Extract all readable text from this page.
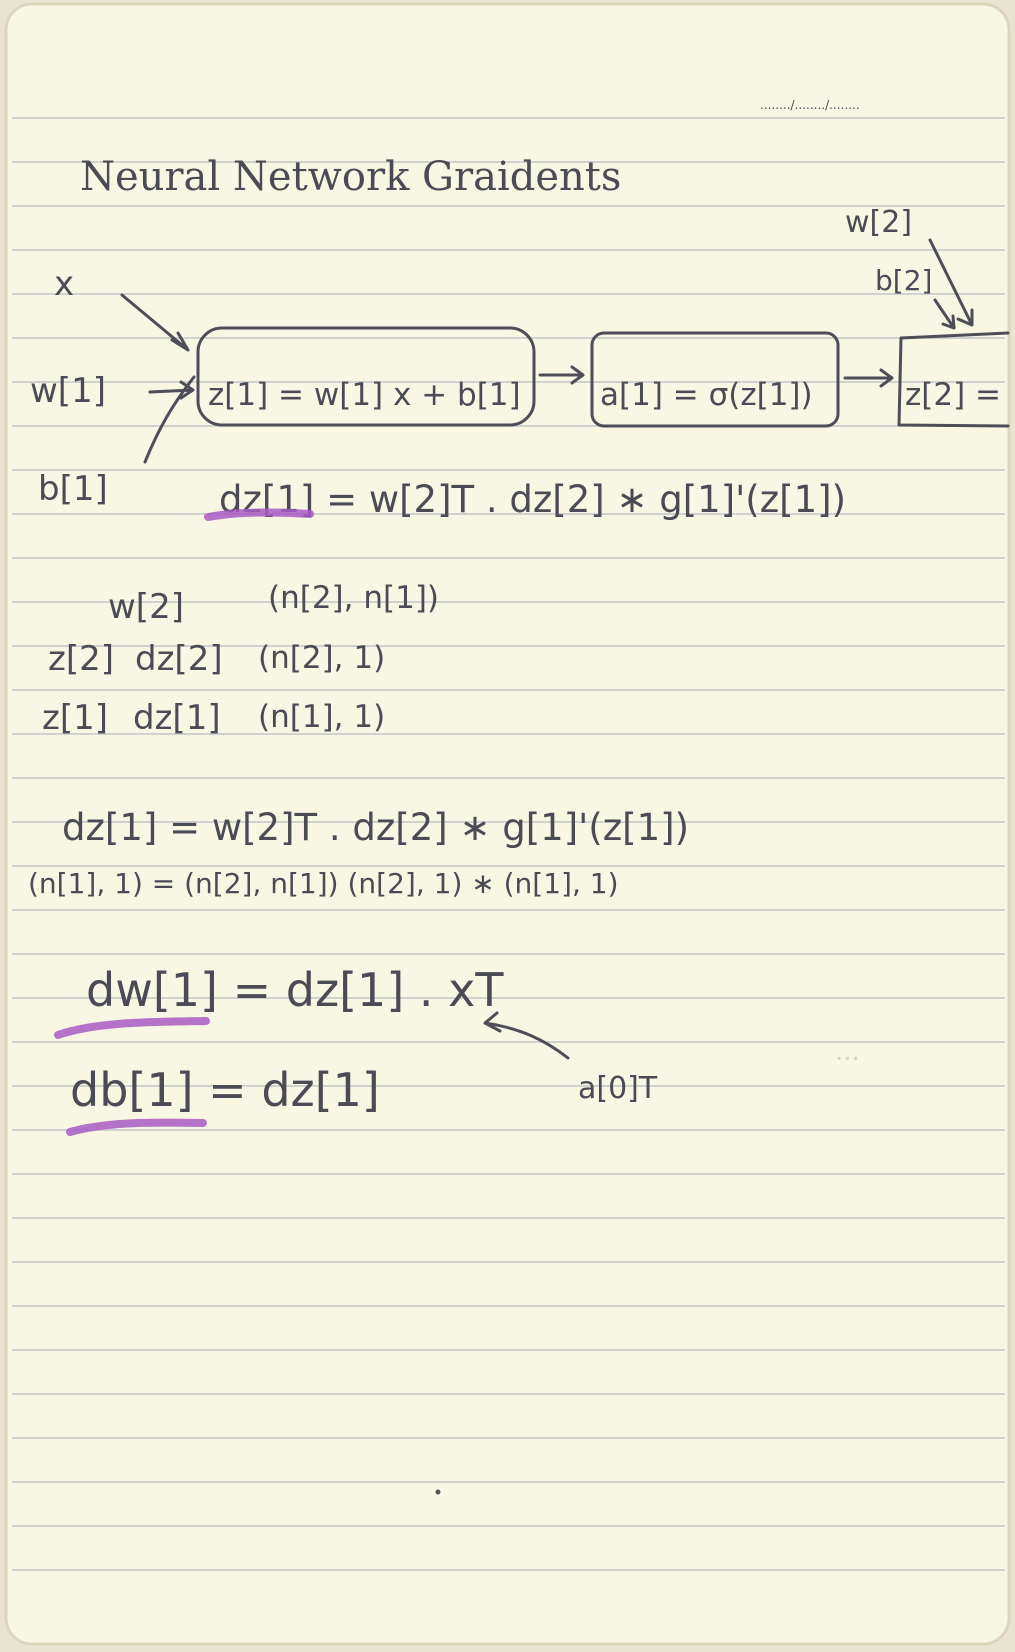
......../......../........
Neural Network Graidents
x
w[1]
b[1]
z[1] = w[1] x + b[1]	a[1] = σ(z[1])	z[2] =
w[2]
b[2]
dz[1] = w[2]T . dz[2] ∗ g[1]'(z[1])
w[2]	(n[2], n[1])
z[2] dz[2] (n[2], 1)
z[1] dz[1] (n[1], 1)
dz[1] = w[2]T . dz[2] ∗ g[1]'(z[1])
(n[1], 1) = (n[2], n[1]) (n[2], 1) ∗ (n[1], 1)
dw[1] = dz[1] . xT
db[1] = dz[1]	a[0]T
...
